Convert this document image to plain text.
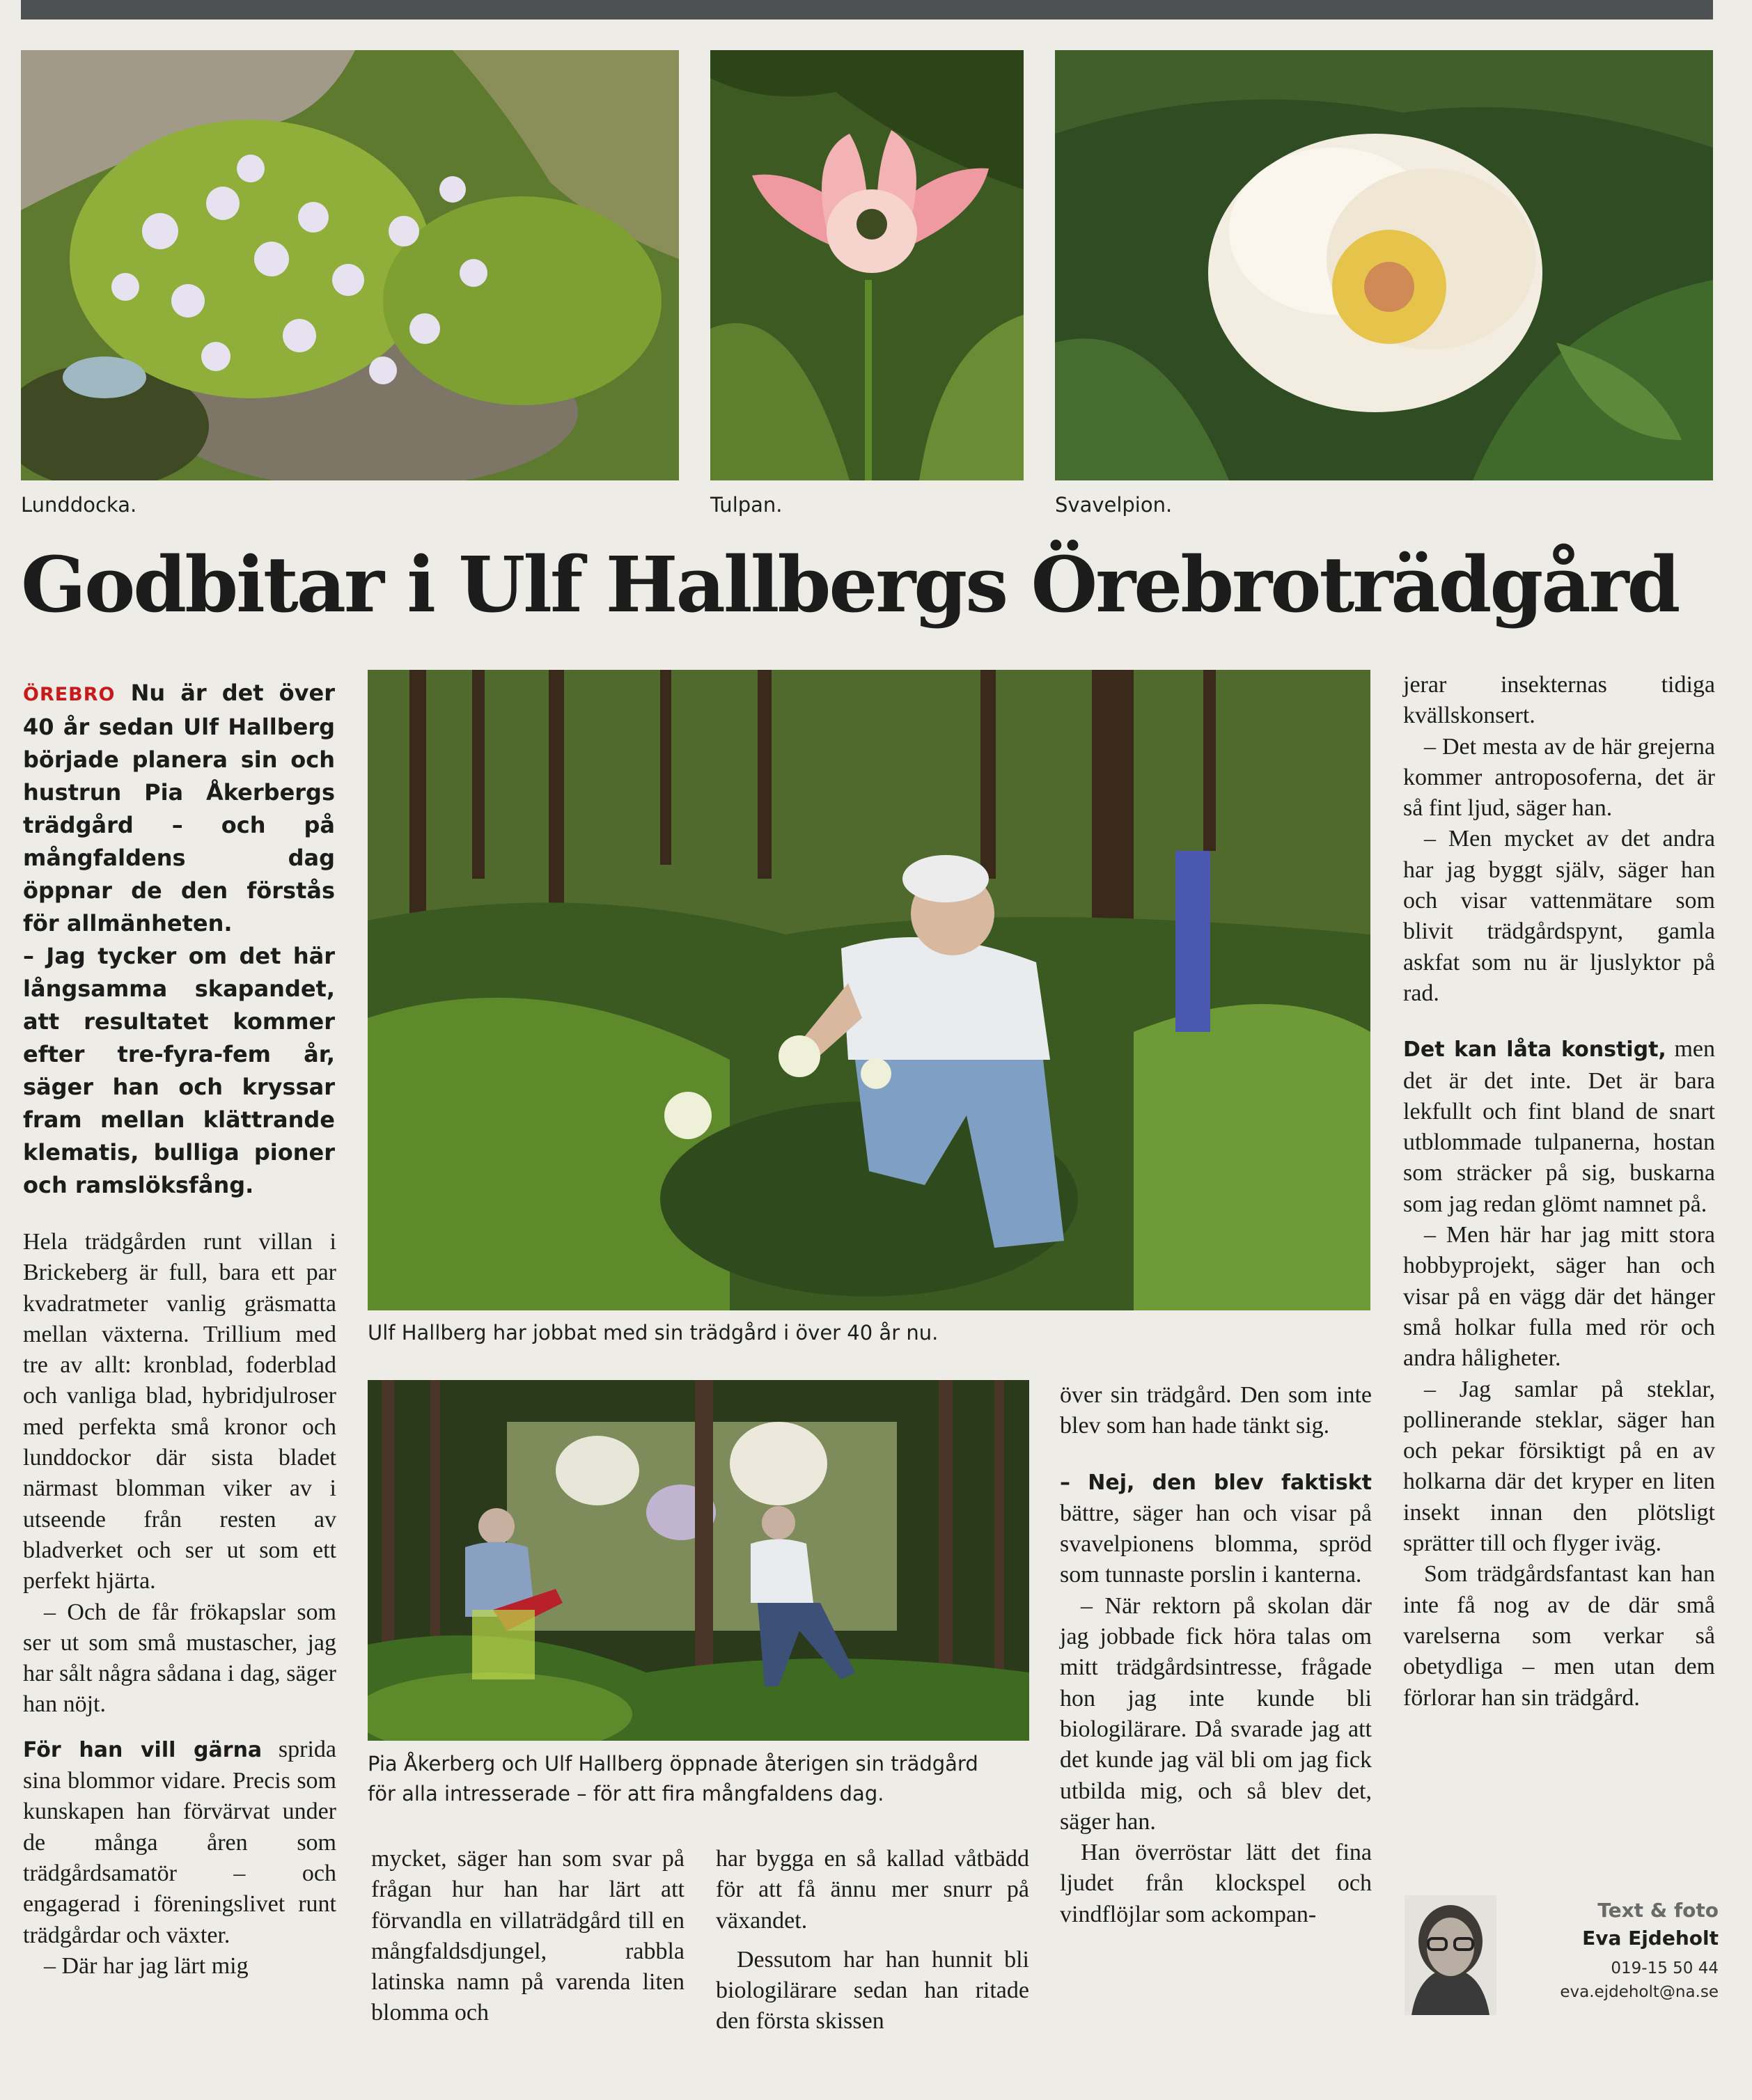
Lunddocka.	Tulpan.	Svavelpion.
Godbitar i Ulf Hallbergs Örebroträdgård

ÖREBRO Nu är det över 40 år sedan Ulf Hallberg började planera sin och hustrun Pia Åkerbergs trädgård – och på mångfaldens dag öppnar de den förstås för allmänheten.

– Jag tycker om det här långsamma skapandet, att resultatet kommer efter tre-fyra-fem år, säger han och kryssar fram mellan klättrande klematis, bulliga pioner och ramslöksfång.

Hela trädgården runt villan i Brickeberg är full, bara ett par kvadratmeter vanlig gräsmatta mellan växterna. Trillium med tre av allt: kronblad, foderblad och vanliga blad, hybridjulroser med perfekta små kronor och lunddockor där sista bladet närmast blomman viker av i utseende från resten av bladverket och ser ut som ett perfekt hjärta.

– Och de får frökapslar som ser ut som små mustascher, jag har sålt några sådana i dag, säger han nöjt.

För han vill gärna sprida sina blommor vidare. Precis som kunskapen han förvärvat under de många åren som trädgårdsamatör – och engagerad i föreningslivet runt trädgårdar och växter.

– Där har jag lärt mig

Ulf Hallberg har jobbat med sin trädgård i över 40 år nu.
Pia Åkerberg och Ulf Hallberg öppnade återigen sin trädgård
för alla intresserade – för att fira mångfaldens dag.

mycket, säger han som svar på frågan hur han har lärt att förvandla en villaträdgård till en mångfaldsdjungel, rabbla latinska namn på varenda liten blomma och

har bygga en så kallad våtbädd för att få ännu mer snurr på växandet.

Dessutom har han hunnit bli biologilärare sedan han ritade den första skissen

över sin trädgård. Den som inte blev som han hade tänkt sig.

– Nej, den blev faktiskt bättre, säger han och visar på svavelpionens blomma, spröd som tunnaste porslin i kanterna.

– När rektorn på skolan där jag jobbade fick höra talas om mitt trädgårdsintresse, frågade hon jag inte kunde bli biologilärare. Då svarade jag att det kunde jag väl bli om jag fick utbilda mig, och så blev det, säger han.

Han överröstar lätt det fina ljudet från klockspel och vindflöjlar som ackompan-

jerar insekternas tidiga kvällskonsert.

– Det mesta av de här grejerna kommer antroposoferna, det är så fint ljud, säger han.

– Men mycket av det andra har jag byggt själv, säger han och visar vattenmätare som blivit trädgårdspynt, gamla askfat som nu är ljuslyktor på rad.

Det kan låta konstigt, men det är det inte. Det är bara lekfullt och fint bland de snart utblommade tulpanerna, hostan som sträcker på sig, buskarna som jag redan glömt namnet på.

– Men här har jag mitt stora hobbyprojekt, säger han och visar på en vägg där det hänger små holkar fulla med rör och andra håligheter.

– Jag samlar på steklar, pollinerande steklar, säger han och pekar försiktigt på en av holkarna där det kryper en liten insekt innan den plötsligt sprätter till och flyger iväg.

Som trädgårdsfantast kan han inte få nog av de där små varelserna som verkar så obetydliga – men utan dem förlorar han sin trädgård.

Text & foto
Eva Ejdeholt
019-15 50 44
eva.ejdeholt@na.se
